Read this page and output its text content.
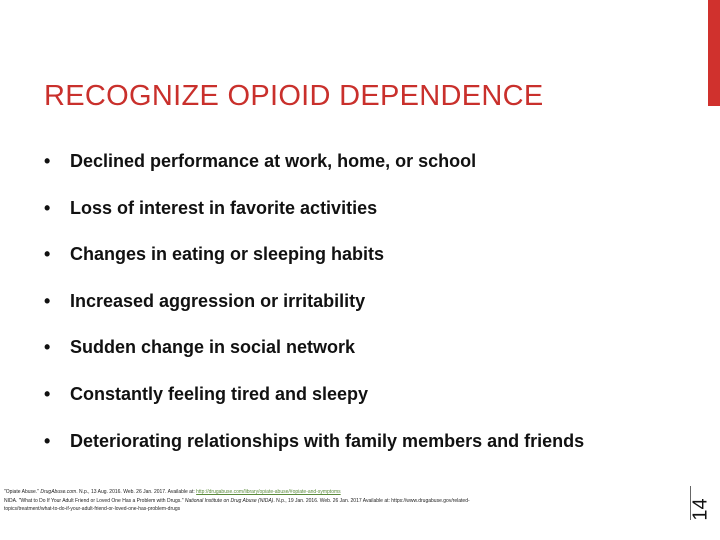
RECOGNIZE OPIOID DEPENDENCE
• Declined performance at work, home, or school
• Loss of interest in favorite activities
• Changes in eating or sleeping habits
• Increased aggression or irritability
• Sudden change in social network
• Constantly feeling tired and sleepy
• Deteriorating relationships with family members and friends
"Opiate Abuse." DrugAbuse.com. N.p., 13 Aug. 2016. Web. 26 Jan. 2017. Available at: http://drugabuse.com/library/opiate-abuse/#opiate-and-symptoms
NIDA. "What to Do If Your Adult Friend or Loved One Has a Problem with Drugs." National Institute on Drug Abuse (NIDA). N.p., 19 Jan. 2016. Web. 26 Jan. 2017 Available at: https://www.drugabuse.gov/related-
topics/treatment/what-to-do-if-your-adult-friend-or-loved-one-has-problem-drugs	14
